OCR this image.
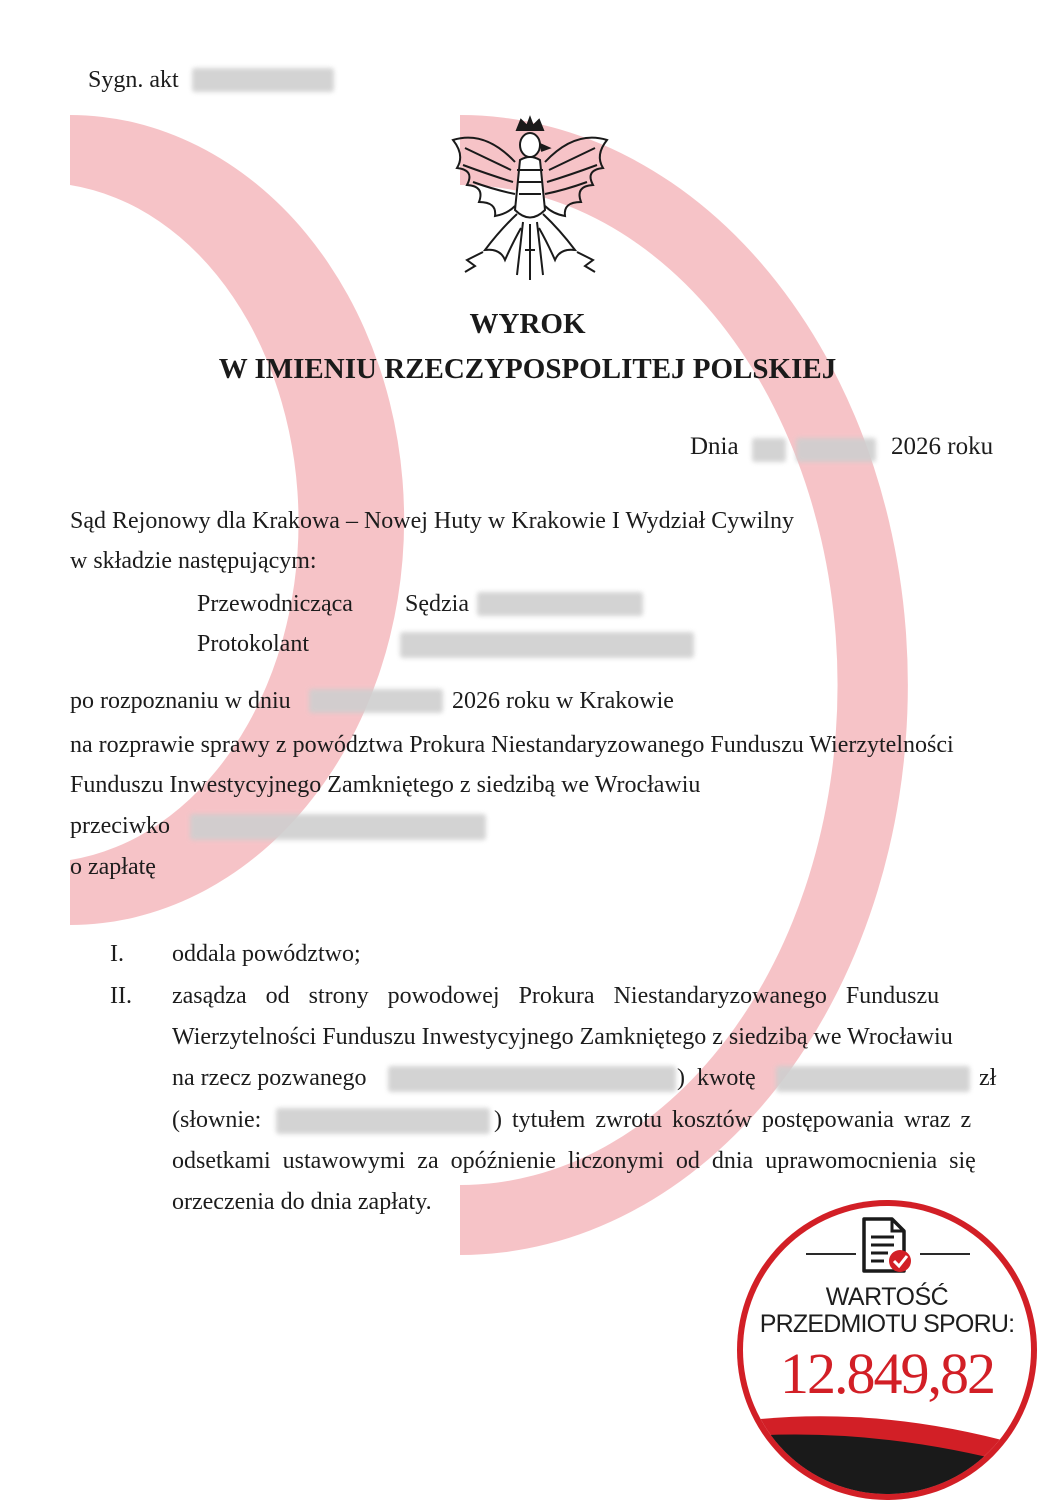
Sygn. akt
WYROK
W IMIENIU RZECZYPOSPOLITEJ POLSKIEJ
Dnia	2026 roku
Sąd Rejonowy dla Krakowa – Nowej Huty w Krakowie I Wydział Cywilny
w składzie następującym:
Przewodnicząca Sędzia
Protokolant
po rozpoznaniu w dniu	2026 roku w Krakowie
na rozprawie sprawy z powództwa Prokura Niestandaryzowanego Funduszu Wierzytelności
Funduszu Inwestycyjnego Zamkniętego z siedzibą we Wrocławiu
przeciwko
o zapłatę
I. oddala powództwo;
II. zasądza od strony powodowej Prokura Niestandaryzowanego Funduszu
Wierzytelności Funduszu Inwestycyjnego Zamkniętego z siedzibą we Wrocławiu
na rzecz pozwanego	)  kwotę	zł
(słownie:	) tytułem zwrotu kosztów postępowania wraz z
odsetkami ustawowymi za opóźnienie liczonymi od dnia uprawomocnienia się
orzeczenia do dnia zapłaty.
WARTOŚĆ
PRZEDMIOTU SPORU:
12.849,82
